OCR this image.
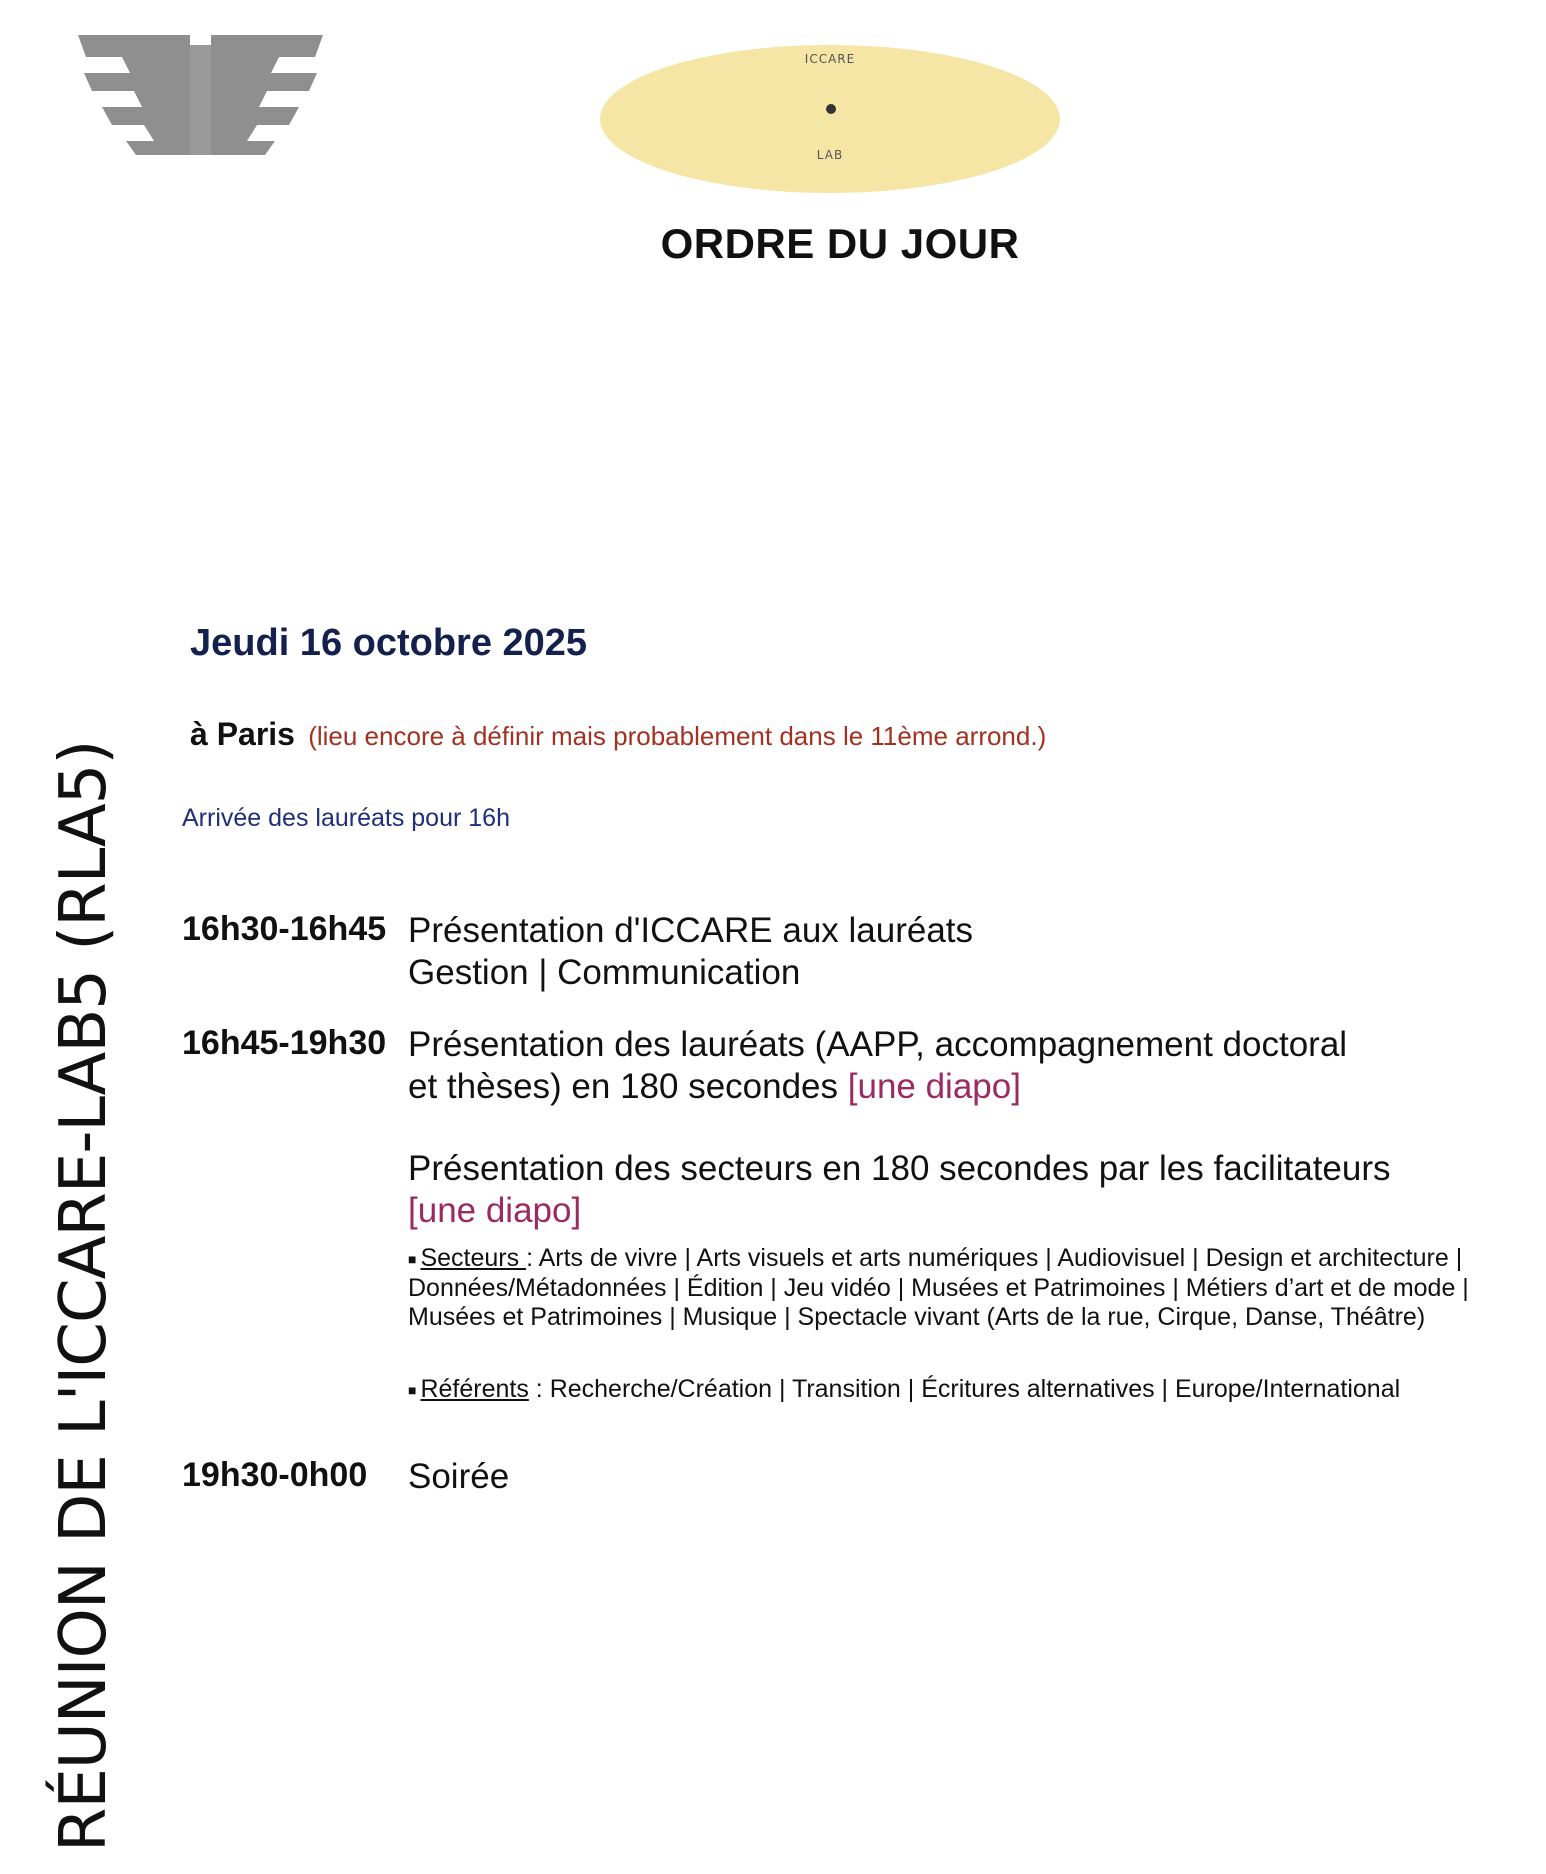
ICCARE
LAB
ORDRE DU JOUR
RÉUNION DE L'ICCARE-LAB5 (RLA5)
Jeudi 16 octobre 2025
à Paris (lieu encore à définir mais probablement dans le 11ème arrond.)
Arrivée des lauréats pour 16h
16h30-16h45 Présentation d'ICCARE aux lauréats
Gestion | Communication
16h45-19h30 Présentation des lauréats (AAPP, accompagnement doctoral
et thèses) en 180 secondes [une diapo]
Présentation des secteurs en 180 secondes par les facilitateurs
[une diapo]
■ Secteurs : Arts de vivre | Arts visuels et arts numériques | Audiovisuel | Design et architecture | Données/Métadonnées | Édition | Jeu vidéo | Musées et Patrimoines | Métiers d’art et de mode | Musées et Patrimoines | Musique | Spectacle vivant (Arts de la rue, Cirque, Danse, Théâtre)
■ Référents : Recherche/Création | Transition | Écritures alternatives | Europe/International
19h30-0h00 Soirée
